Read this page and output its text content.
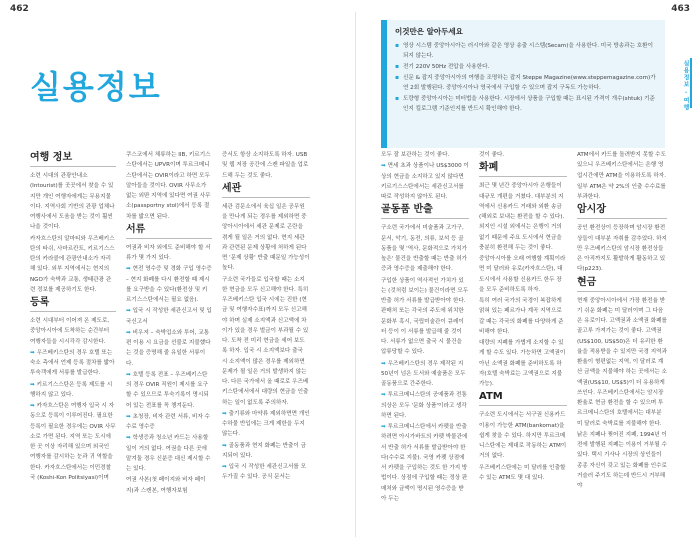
462	463
실용정보	실용정보 · 여행
이것만은 알아두세요
▪ 영상 시스템 중앙아시아는 러시아와 같은 영상 송출 시스템(Secam)을 사용한다. 미국 방송과는 호환이 되지 않는다.
▪ 전기 220V 50Hz 전압을 사용한다.
▪ 신문 & 잡지 중앙아시아의 여행을 조명하는 잡지 Steppe Magazine(www.steppemagazine.com)가 연 2회 발행된다. 중앙아시아나 영국에서 구입할 수 있으며 잡지 구독도 가능하다.
▪ 도량형 중앙아시아는 미터법을 사용한다. 시장에서 상품을 구입할 때는 표시된 가격이 개수(shtuk) 기준인지 킬로그램 기준인지를 반드시 확인해야 한다.
여행 정보

소련 시대의 관광안내소 (Intourist)를 곳곳에서 찾을 수 있지만 개인 여행자에게는 무용지물이다. 지역사회 기반의 관광 업체나 여행사에서 도움을 받는 것이 훨씬 나을 것이다.

카자흐스탄의 알마티와 우즈베키스탄의 타쉬, 사마르칸트, 키르기스스탄의 카라콜에 관광안내소가 자리해 있다. 외부 지역에서는 현지의 NGO가 숙박과 교통, 생태관광 관련 정보를 제공하기도 한다.

등록

소련 시대부터 이어져 온 제도로, 중앙아시아에 도착하는 순간부터 여행자들을 시시각각 감시한다.

➡ 우즈베키스탄의 경우 호텔 또는 숙소 측에서 언제 등록 절차를 밟아 투숙객에게 서류를 발급한다.

➡ 키르기스스탄은 등록 제도를 시행하지 않고 있다.

➡ 카자흐스탄은 여행자 입국 시 자동으로 등록이 이루어진다. 필요한 등록이 필요한 경우에는 OVIR 사무소로 가면 된다. 지역 또는 도시에 한 곳 이상 자리해 있으며 외국인 여행자를 감시하는 눈과 귀 역할을 한다. 카자흐스탄에서는 이민경찰국 (Koshi-Kon Politsiyasi)이며

쿠스코에서 체류하는 IIB, 키르기스스탄에서는 UPVR이며 투르크메니스탄에서는 OVIR이라고 하면 모두 알아들을 것이다. OVIR 사무소가 없는 외딴 지역에 있다면 여권 사무소(passportny stol)에서 등록 절차를 밟으면 된다.

서류

여권과 비자 외에도 준비해야 할 서류가 몇 가지 있다.

➡ 현전 영수증 및 경화 구입 영수증 – 현지 화폐를 다시 환전할 때 제시를 요구받을 수 있다(환전상 및 키르기스스탄에서는 필요 없음).

➡ 입국 시 작성한 세관신고서 및 입국신고서

➡ 비우저 – 숙박업소와 투어, 교통편 이용 시 요금을 선불로 지불했다는 것을 증명해 줄 유일한 서류이다.

➡ 호텔 등록 전표 – 우즈베키스탄의 경우 OVIR 직원이 제시를 요구할 수 있으므로 투숙기록이 명시되어 있는 전표를 꼭 챙겨둔다.

➡ 초청장, 비자 관련 서류, 비자 수수료 영수증

➡ 학생증과 청소년 카드는 사용할 일이 거의 없다. 여권을 다른 곳에 맡겨둘 경우 신분증 대신 제시할 수는 있다.

여권 사본(첫 페이지와 비자 페이지)과 스캔본, 여행자보험

증서도 항상 소지하도록 하자. USB 및 웹 저장 공간에 스캔 파일을 업로드해 두는 것도 좋다.

세관

세관 검문소에서 육십 일은 공무원을 만나게 되는 경우를 제외하면 중앙아시아에서 세관 문제로 곤란을 겪게 될 일은 거의 없다. 현지 세관과 관련된 문제 상황에 처하게 된다면 '문제 상황' 반출 때문일 가능성이 높다.

구소련 국가들로 입국할 때는 소지한 현금을 모두 신고해야 한다. 특히 우즈베키스탄 입국 시에는 진한 (현금 및 여행자수표)까지 모두 신고해야 하며 실제 소지액과 신고액에 차이가 있을 경우 벌금이 부과될 수 있다. 도착 전 미리 현금을 세어 보도록 하자. 입국 시 소지액보다 출국 시 소지액이 많은 경우를 제외하면 문제가 될 일은 거의 발생하지 않는다. 다른 국가에서 올 때로로 우즈베키스탄에서에서 대량의 현금을 인출하는 일이 없도록 주의하자.

➡ 출기류와 마약류 제외하면면 개인 수하물 반입에는 크게 제한을 두지 않는다.

➡ 골동품과 현지 화폐는 반출이 금지되어 있다.

➡ 입국 시 작성한 세관신고서를 모두가질 수 있다. 공식 문서는

모두 잘 보관하는 것이 좋다.

➡ 면세 초과 상품이나 US$3000 이상의 현금을 소지하고 있지 않다면 키르기스스탄에서는 세관신고서를 따로 작성하지 않아도 된다.

골동품 반출

구소련 국가에서 미술품과 고가구, 문서, 악기, 동전, 의류, 보석 등 골동품을 몇 '역사, 문화적으로 가치가 높은' 물건을 반출할 때는 반출 허가증과 영수증을 제출해야 한다.

구입한 상품이 역사적인 가치가 있는 (것처럼 보이는) 물건이라면 모두 반출 허가 서류를 발급받아야 한다. 판매처 또는 각국의 주도에 위치한 문화부 혹시, 국립미술관이 큐레이터 등이 이 서류를 발급해 줄 것이다. 서류가 없으면 출국 시 물건을 압류당할 수 있다.

➡ 우즈베키스탄의 경우 제작된 지 50년이 넘은 도서와 예술품은 모두 골동품으로 간주한다.

➡ 투르크메니스탄의 공예품과 전통의상은 모두 '문화 상품'이라고 생각하면 된다.

➡ 투르크메니스탄에서 카펫을 반출하려면 아시가바트의 카펫 박물관에서 반출 허가 서류를 발급받아야 한다(수수료 지불). 국영 카펫 상점에서 카펫을 구입하는 것도 한 가지 방법이다. 상점에 구입할 때는 정상 판매처와 금액이 명시된 영수증을 받아 두는

것이 좋다.

화폐

최근 몇 년간 중앙아시아 은행들이 대규모 개편을 거쳤다. 대부분의 지역에서 신용카드 거래와 외환 송금(해외로 보내는 환전을 할 수 있다). 외지인 시설 외에서는 은행이 거의 없기 때문에 주요 도시에서 현금을 충분히 환전해 두는 것이 좋다.

중앙아시아를 오래 여행할 계획이라면 미 달러와 유로(카자흐스탄), 대도시에서 사용할 신용카드 한두 장을 모두 준비하도록 하자.

특히 여러 국가의 국경이 복잡하게 얽혀 있는 페르가나 계곡 지역으로 갈 때는 각국의 화폐를 다양하게 준비해야 한다.

대량의 지폐를 가볍게 소지할 수 있게 할 수도 있다. 가능하면 고액권이 아닌 소액권 화폐를 준비하도록 하자(호텔 숙박료는 고액권으로 지불 가능).

ATM

구소련 도시에서는 서구권 신용카드 이용이 가능한 ATM(bankomat)을 쉽게 찾을 수 있다. 하지만 투르크메니스탄에는 제대로 작동하는 ATM이 거의 없다.

우즈베키스탄에는 미 달러를 인출할 수 있는 ATM도 몇 대 있다.

ATM에서 카드를 돌려받지 못할 수도 있으니 우즈베키스탄에서는 은행 영업시간에만 ATM을 이용하도록 하자.

일부 ATM은 약 2%의 인출 수수료를 부과한다.

암시장

공인 환전상이 등장하며 암시장 환전상들이 대부분 자취를 감추었다. 하지만 우즈베키스탄의 암시장 환전상들은 아직까지도 활발하게 활동하고 있다(p223).

현금

현재 중앙아시아에서 가장 환전율 받기 쉬운 화폐는 미 달러이며 그 다음은 유로이다. 고액권과 소액권 화폐를 골고루 가져가는 것이 좋다. 고액권(US$100, US$50)은 더 유리한 환율을 적용받을 수 있지만 국경 지역과 환율이 형편없는 지역, 이 달러로 계산 금액을 지불해야 하는 곳에서는 소액권(US$10, US$5)이 더 유용하게 쓰인다. 우즈베키스탄에서는 암시장 환율로 현금 환전을 할 수 있으며 투르크메니스탄의 호텔에서는 대부분 미 달러로 숙박료를 지불해야 한다.

낡은 지폐나 찢어진 지폐, 1994년 이전에 발행된 지폐는 이용이 거부될 수 있다. 택시 기사나 시장의 상인들이 종종 자신이 갖고 있는 화폐를 인수로 거슬러 주기도 하는데 반드시 거부해야
